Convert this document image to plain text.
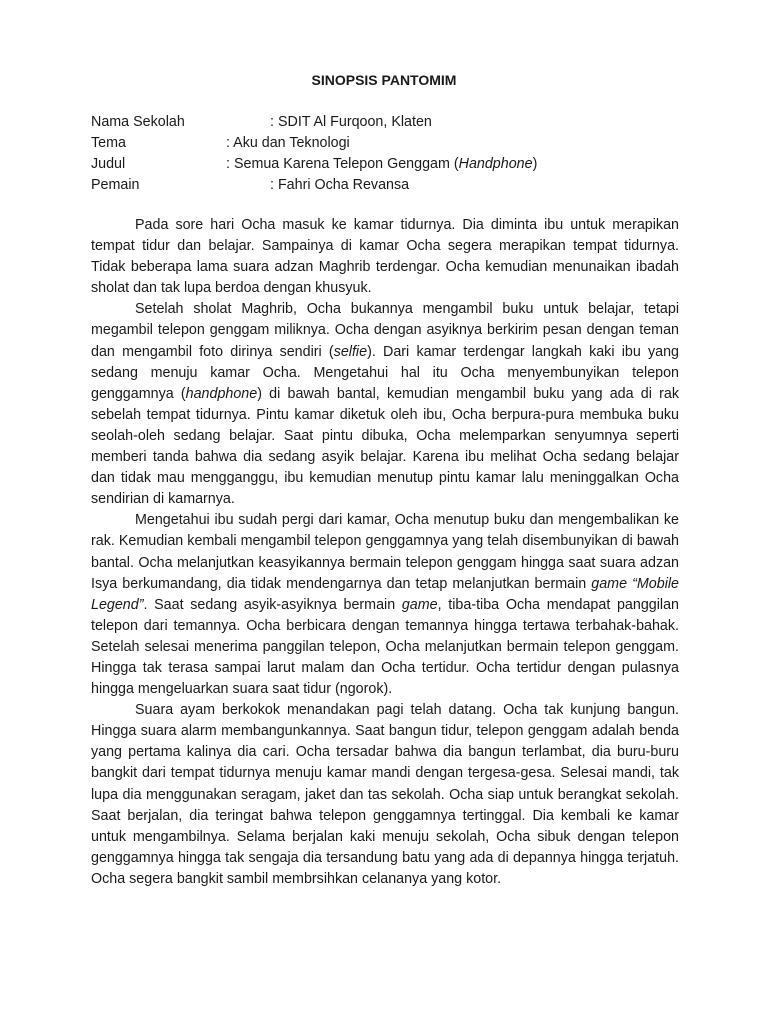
SINOPSIS PANTOMIM
Nama Sekolah	: SDIT Al Furqoon, Klaten
Tema	: Aku dan Teknologi
Judul	: Semua Karena Telepon Genggam (Handphone)
Pemain	: Fahri Ocha Revansa

Pada sore hari Ocha masuk ke kamar tidurnya. Dia diminta ibu untuk merapikan tempat tidur dan belajar. Sampainya di kamar Ocha segera merapikan tempat tidurnya. Tidak beberapa lama suara adzan Maghrib terdengar. Ocha kemudian menunaikan ibadah sholat dan tak lupa berdoa dengan khusyuk.

Setelah sholat Maghrib, Ocha bukannya mengambil buku untuk belajar, tetapi megambil telepon genggam miliknya. Ocha dengan asyiknya berkirim pesan dengan teman dan mengambil foto dirinya sendiri (selfie). Dari kamar terdengar langkah kaki ibu yang sedang menuju kamar Ocha. Mengetahui hal itu Ocha menyembunyikan telepon genggamnya (handphone) di bawah bantal, kemudian mengambil buku yang ada di rak sebelah tempat tidurnya. Pintu kamar diketuk oleh ibu, Ocha berpura-pura membuka buku seolah-oleh sedang belajar. Saat pintu dibuka, Ocha melemparkan senyumnya seperti memberi tanda bahwa dia sedang asyik belajar. Karena ibu melihat Ocha sedang belajar dan tidak mau mengganggu, ibu kemudian menutup pintu kamar lalu meninggalkan Ocha sendirian di kamarnya.

Mengetahui ibu sudah pergi dari kamar, Ocha menutup buku dan mengembalikan ke rak. Kemudian kembali mengambil telepon genggamnya yang telah disembunyikan di bawah bantal. Ocha melanjutkan keasyikannya bermain telepon genggam hingga saat suara adzan Isya berkumandang, dia tidak mendengarnya dan tetap melanjutkan bermain game “Mobile Legend”. Saat sedang asyik-asyiknya bermain game, tiba-tiba Ocha mendapat panggilan telepon dari temannya. Ocha berbicara dengan temannya hingga tertawa terbahak-bahak. Setelah selesai menerima panggilan telepon, Ocha melanjutkan bermain telepon genggam. Hingga tak terasa sampai larut malam dan Ocha tertidur. Ocha tertidur dengan pulasnya hingga mengeluarkan suara saat tidur (ngorok).

Suara ayam berkokok menandakan pagi telah datang. Ocha tak kunjung bangun. Hingga suara alarm membangunkannya. Saat bangun tidur, telepon genggam adalah benda yang pertama kalinya dia cari. Ocha tersadar bahwa dia bangun terlambat, dia buru-buru bangkit dari tempat tidurnya menuju kamar mandi dengan tergesa-gesa. Selesai mandi, tak lupa dia menggunakan seragam, jaket dan tas sekolah. Ocha siap untuk berangkat sekolah. Saat berjalan, dia teringat bahwa telepon genggamnya tertinggal. Dia kembali ke kamar untuk mengambilnya. Selama berjalan kaki menuju sekolah, Ocha sibuk dengan telepon genggamnya hingga tak sengaja dia tersandung batu yang ada di depannya hingga terjatuh. Ocha segera bangkit sambil membrsihkan celananya yang kotor.
